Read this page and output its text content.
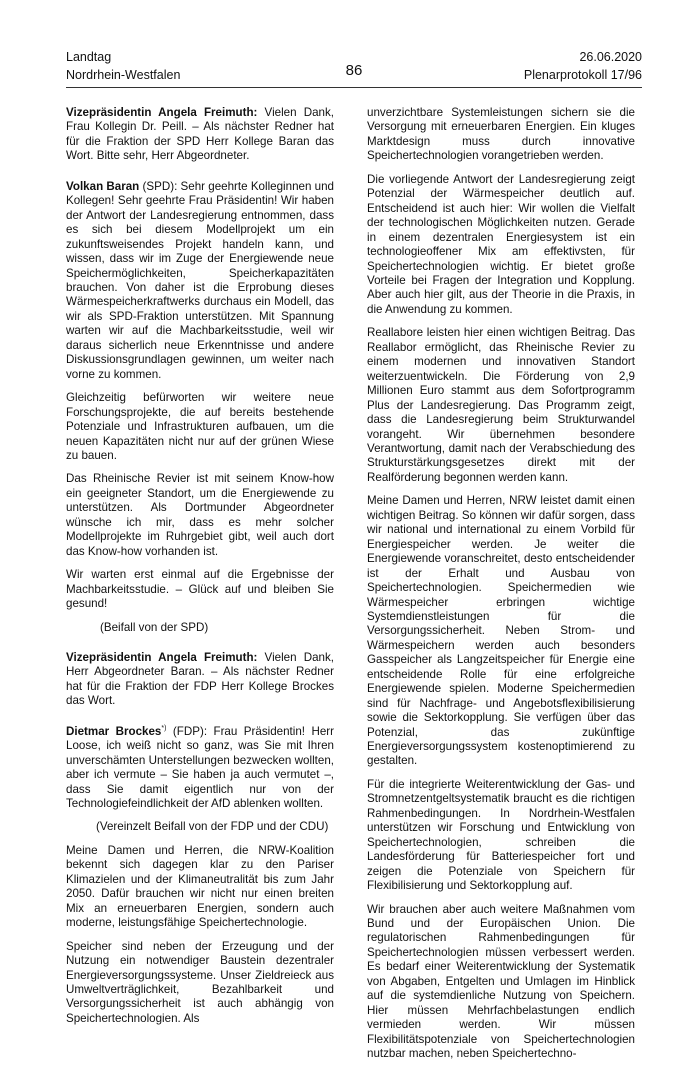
Landtag
Nordrhein-Westfalen	86
26.06.2020
Plenarprotokoll 17/96

Vizepräsidentin Angela Freimuth: Vielen Dank, Frau Kollegin Dr. Peill. – Als nächster Redner hat für die Fraktion der SPD Herr Kollege Baran das Wort. Bitte sehr, Herr Abgeordneter.

Volkan Baran (SPD): Sehr geehrte Kolleginnen und Kollegen! Sehr geehrte Frau Präsidentin! Wir haben der Antwort der Landesregierung entnommen, dass es sich bei diesem Modellprojekt um ein zukunftsweisendes Projekt handeln kann, und wissen, dass wir im Zuge der Energiewende neue Speichermöglichkeiten, Speicherkapazitäten brauchen. Von daher ist die Erprobung dieses Wärmespeicherkraftwerks durchaus ein Modell, das wir als SPD-Fraktion unterstützen. Mit Spannung warten wir auf die Machbarkeitsstudie, weil wir daraus sicherlich neue Erkenntnisse und andere Diskussionsgrundlagen gewinnen, um weiter nach vorne zu kommen.

Gleichzeitig befürworten wir weitere neue Forschungsprojekte, die auf bereits bestehende Potenziale und Infrastrukturen aufbauen, um die neuen Kapazitäten nicht nur auf der grünen Wiese zu bauen.

Das Rheinische Revier ist mit seinem Know-how ein geeigneter Standort, um die Energiewende zu unterstützen. Als Dortmunder Abgeordneter wünsche ich mir, dass es mehr solcher Modellprojekte im Ruhrgebiet gibt, weil auch dort das Know-how vorhanden ist.

Wir warten erst einmal auf die Ergebnisse der Machbarkeitsstudie. – Glück auf und bleiben Sie gesund!

(Beifall von der SPD)

Vizepräsidentin Angela Freimuth: Vielen Dank, Herr Abgeordneter Baran. – Als nächster Redner hat für die Fraktion der FDP Herr Kollege Brockes das Wort.

Dietmar Brockes*) (FDP): Frau Präsidentin! Herr Loose, ich weiß nicht so ganz, was Sie mit Ihren unverschämten Unterstellungen bezwecken wollten, aber ich vermute – Sie haben ja auch vermutet –, dass Sie damit eigentlich nur von der Technologiefeindlichkeit der AfD ablenken wollten.

(Vereinzelt Beifall von der FDP und der CDU)

Meine Damen und Herren, die NRW-Koalition bekennt sich dagegen klar zu den Pariser Klimazielen und der Klimaneutralität bis zum Jahr 2050. Dafür brauchen wir nicht nur einen breiten Mix an erneuerbaren Energien, sondern auch moderne, leistungsfähige Speichertechnologie.

Speicher sind neben der Erzeugung und der Nutzung ein notwendiger Baustein dezentraler Energieversorgungssysteme. Unser Zieldreieck aus Umweltverträglichkeit, Bezahlbarkeit und Versorgungssicherheit ist auch abhängig von Speichertechnologien. Als

unverzichtbare Systemleistungen sichern sie die Versorgung mit erneuerbaren Energien. Ein kluges Marktdesign muss durch innovative Speichertechnologien vorangetrieben werden.

Die vorliegende Antwort der Landesregierung zeigt Potenzial der Wärmespeicher deutlich auf. Entscheidend ist auch hier: Wir wollen die Vielfalt der technologischen Möglichkeiten nutzen. Gerade in einem dezentralen Energiesystem ist ein technologieoffener Mix am effektivsten, für Speichertechnologien wichtig. Er bietet große Vorteile bei Fragen der Integration und Kopplung. Aber auch hier gilt, aus der Theorie in die Praxis, in die Anwendung zu kommen.

Reallabore leisten hier einen wichtigen Beitrag. Das Reallabor ermöglicht, das Rheinische Revier zu einem modernen und innovativen Standort weiterzuentwickeln. Die Förderung von 2,9 Millionen Euro stammt aus dem Sofortprogramm Plus der Landesregierung. Das Programm zeigt, dass die Landesregierung beim Strukturwandel vorangeht. Wir übernehmen besondere Verantwortung, damit nach der Verabschiedung des Strukturstärkungsgesetzes direkt mit der Realförderung begonnen werden kann.

Meine Damen und Herren, NRW leistet damit einen wichtigen Beitrag. So können wir dafür sorgen, dass wir national und international zu einem Vorbild für Energiespeicher werden. Je weiter die Energiewende voranschreitet, desto entscheidender ist der Erhalt und Ausbau von Speichertechnologien. Speichermedien wie Wärmespeicher erbringen wichtige Systemdienstleistungen für die Versorgungssicherheit. Neben Strom- und Wärmespeichern werden auch besonders Gasspeicher als Langzeitspeicher für Energie eine entscheidende Rolle für eine erfolgreiche Energiewende spielen. Moderne Speichermedien sind für Nachfrage- und Angebotsflexibilisierung sowie die Sektorkopplung. Sie verfügen über das Potenzial, das zukünftige Energieversorgungssystem kostenoptimierend zu gestalten.

Für die integrierte Weiterentwicklung der Gas- und Stromnetzentgeltsystematik braucht es die richtigen Rahmenbedingungen. In Nordrhein-Westfalen unterstützen wir Forschung und Entwicklung von Speichertechnologien, schreiben die Landesförderung für Batteriespeicher fort und zeigen die Potenziale von Speichern für Flexibilisierung und Sektorkopplung auf.

Wir brauchen aber auch weitere Maßnahmen vom Bund und der Europäischen Union. Die regulatorischen Rahmenbedingungen für Speichertechnologien müssen verbessert werden. Es bedarf einer Weiterentwicklung der Systematik von Abgaben, Entgelten und Umlagen im Hinblick auf die systemdienliche Nutzung von Speichern. Hier müssen Mehrfachbelastungen endlich vermieden werden. Wir müssen Flexibilitätspotenziale von Speichertechnologien nutzbar machen, neben Speichertechno-
